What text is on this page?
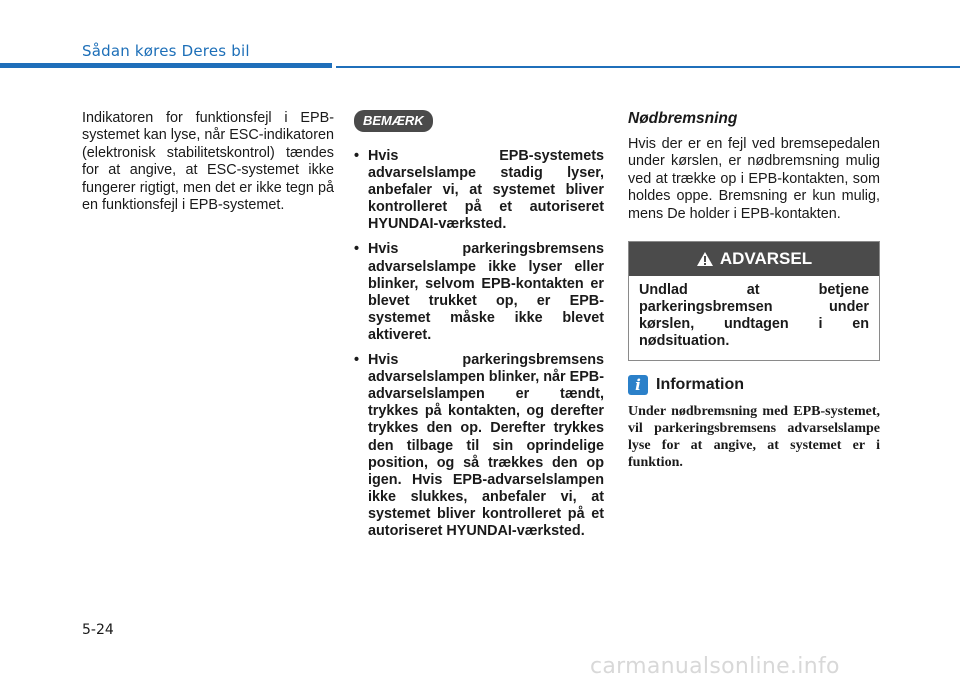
Sådan køres Deres bil

Indikatoren for funktionsfejl i EPB-systemet kan lyse, når ESC-indikatoren (elektronisk stabilitetskontrol) tændes for at angive, at ESC-systemet ikke fungerer rigtigt, men det er ikke tegn på en funktionsfejl i EPB-systemet.

BEMÆRK
• Hvis EPB-systemets advarselslampe stadig lyser, anbefaler vi, at systemet bliver kontrolleret på et autoriseret HYUNDAI-værksted.
• Hvis parkeringsbremsens advarselslampe ikke lyser eller blinker, selvom EPB-kontakten er blevet trukket op, er EPB-systemet måske ikke blevet aktiveret.
• Hvis parkeringsbremsens advarselslampen blinker, når EPB-advarselslampen er tændt, trykkes på kontakten, og derefter trykkes den op. Derefter trykkes den tilbage til sin oprindelige position, og så trækkes den op igen. Hvis EPB-advarselslampen ikke slukkes, anbefaler vi, at systemet bliver kontrolleret på et autoriseret HYUNDAI-værksted.
Nødbremsning

Hvis der er en fejl ved bremsepedalen under kørslen, er nødbremsning mulig ved at trække op i EPB-kontakten, som holdes oppe. Bremsning er kun mulig, mens De holder i EPB-kontakten.

ADVARSEL
Undlad at betjene parkeringsbremsen under kørslen, undtagen i en nødsituation.
i Information
Under nødbremsning med EPB-systemet, vil parkeringsbremsens advarselslampe lyse for at angive, at systemet er i funktion.
5-24
carmanualsonline.info
